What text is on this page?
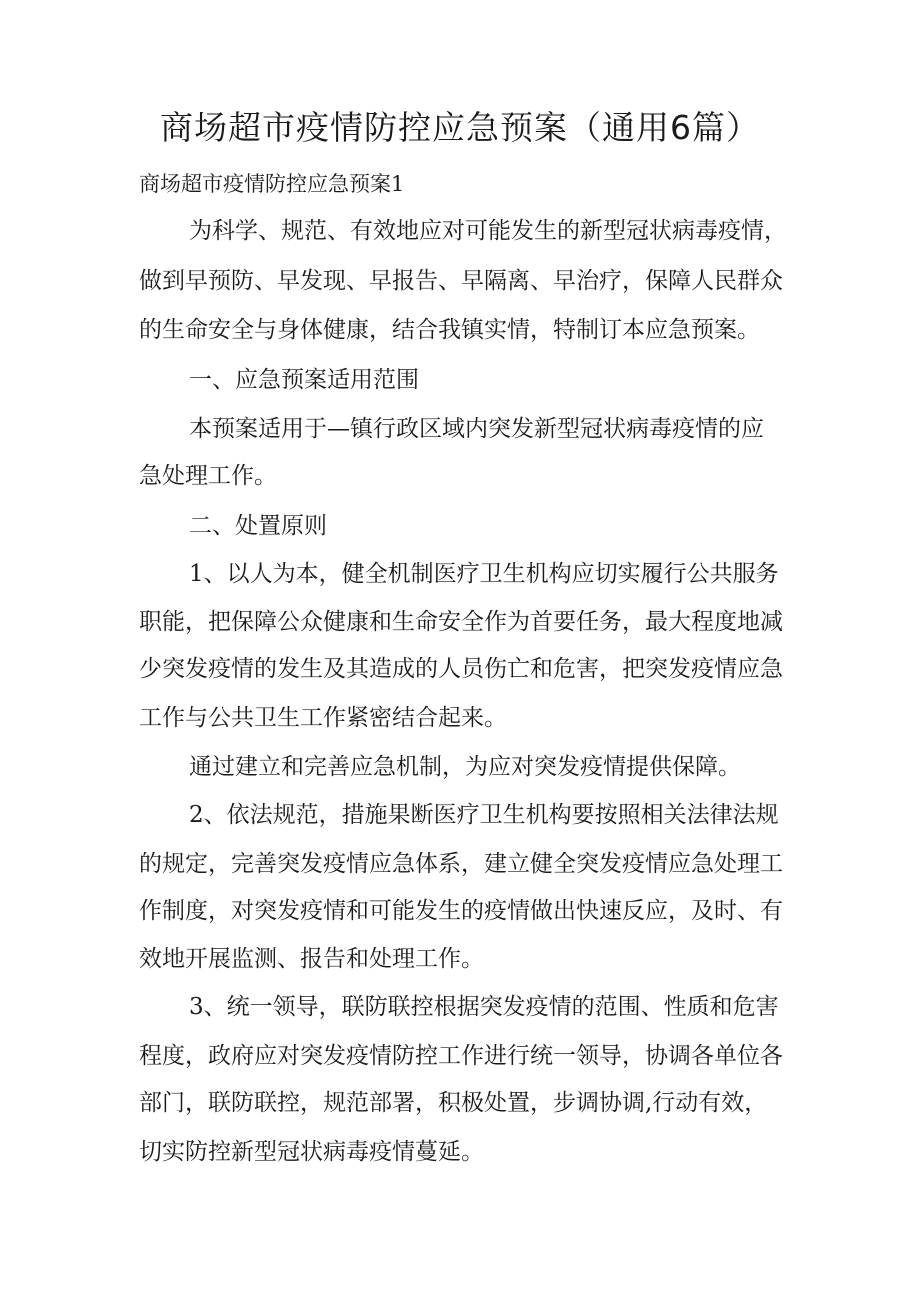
商场超市疫情防控应急预案（通用6篇）
商场超市疫情防控应急预案1
为科学、规范、有效地应对可能发生的新型冠状病毒疫情，
做到早预防、早发现、早报告、早隔离、早治疗，保障人民群众
的生命安全与身体健康，结合我镇实情，特制订本应急预案。
一、应急预案适用范围
本预案适用于—镇行政区域内突发新型冠状病毒疫情的应
急处理工作。
二、处置原则
1、以人为本，健全机制医疗卫生机构应切实履行公共服务
职能，把保障公众健康和生命安全作为首要任务，最大程度地减
少突发疫情的发生及其造成的人员伤亡和危害，把突发疫情应急
工作与公共卫生工作紧密结合起来。
通过建立和完善应急机制，为应对突发疫情提供保障。
2、依法规范，措施果断医疗卫生机构要按照相关法律法规
的规定，完善突发疫情应急体系，建立健全突发疫情应急处理工
作制度，对突发疫情和可能发生的疫情做出快速反应，及时、有
效地开展监测、报告和处理工作。
3、统一领导，联防联控根据突发疫情的范围、性质和危害
程度，政府应对突发疫情防控工作进行统一领导，协调各单位各
部门，联防联控，规范部署，积极处置，步调协调,行动有效，
切实防控新型冠状病毒疫情蔓延。
